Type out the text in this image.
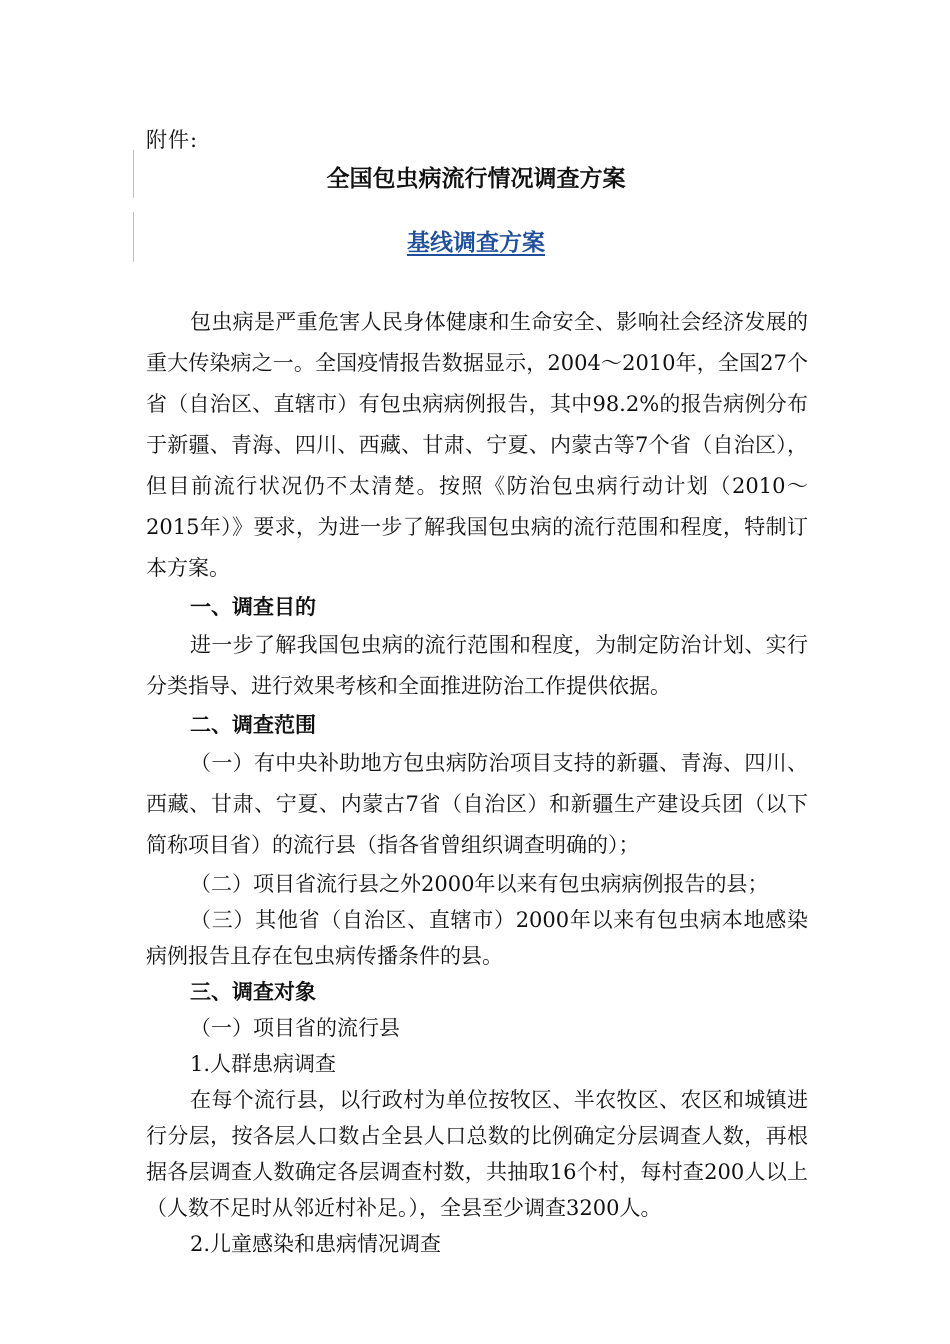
附件:
全国包虫病流行情况调查方案
基线调查方案

包虫病是严重危害人民身体健康和生命安全、影响社会经济发展的重大传染病之一。全国疫情报告数据显示，2004～2010年，全国27个省（自治区、直辖市）有包虫病病例报告，其中98.2%的报告病例分布于新疆、青海、四川、西藏、甘肃、宁夏、内蒙古等7个省（自治区），但目前流行状况仍不太清楚。按照《防治包虫病行动计划（2010～2015年）》要求，为进一步了解我国包虫病的流行范围和程度，特制订本方案。

一、调查目的

进一步了解我国包虫病的流行范围和程度，为制定防治计划、实行分类指导、进行效果考核和全面推进防治工作提供依据。

二、调查范围

（一）有中央补助地方包虫病防治项目支持的新疆、青海、四川、西藏、甘肃、宁夏、内蒙古7省（自治区）和新疆生产建设兵团（以下简称项目省）的流行县（指各省曾组织调查明确的）；

（二）项目省流行县之外2000年以来有包虫病病例报告的县；

（三）其他省（自治区、直辖市）2000年以来有包虫病本地感染病例报告且存在包虫病传播条件的县。

三、调查对象

（一）项目省的流行县

1.人群患病调查

在每个流行县，以行政村为单位按牧区、半农牧区、农区和城镇进行分层，按各层人口数占全县人口总数的比例确定分层调查人数，再根据各层调查人数确定各层调查村数，共抽取16个村，每村查200人以上（人数不足时从邻近村补足。），全县至少调查3200人。

2.儿童感染和患病情况调查
